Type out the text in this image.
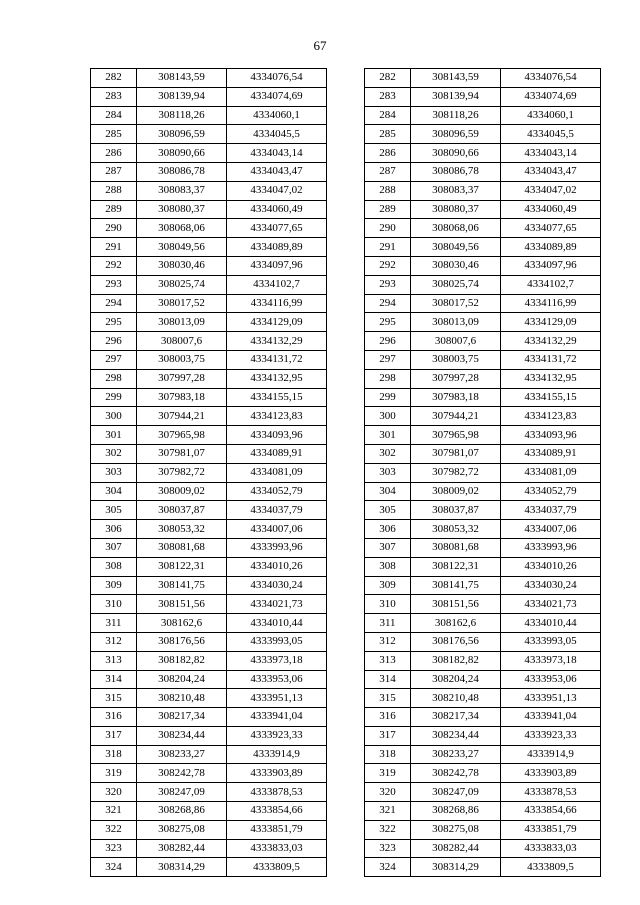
67
282	308143,59	4334076,54
283	308139,94	4334074,69
284	308118,26	4334060,1
285	308096,59	4334045,5
286	308090,66	4334043,14
287	308086,78	4334043,47
288	308083,37	4334047,02
289	308080,37	4334060,49
290	308068,06	4334077,65
291	308049,56	4334089,89
292	308030,46	4334097,96
293	308025,74	4334102,7
294	308017,52	4334116,99
295	308013,09	4334129,09
296	308007,6	4334132,29
297	308003,75	4334131,72
298	307997,28	4334132,95
299	307983,18	4334155,15
300	307944,21	4334123,83
301	307965,98	4334093,96
302	307981,07	4334089,91
303	307982,72	4334081,09
304	308009,02	4334052,79
305	308037,87	4334037,79
306	308053,32	4334007,06
307	308081,68	4333993,96
308	308122,31	4334010,26
309	308141,75	4334030,24
310	308151,56	4334021,73
311	308162,6	4334010,44
312	308176,56	4333993,05
313	308182,82	4333973,18
314	308204,24	4333953,06
315	308210,48	4333951,13
316	308217,34	4333941,04
317	308234,44	4333923,33
318	308233,27	4333914,9
319	308242,78	4333903,89
320	308247,09	4333878,53
321	308268,86	4333854,66
322	308275,08	4333851,79
323	308282,44	4333833,03
324	308314,29	4333809,5
282	308143,59	4334076,54
283	308139,94	4334074,69
284	308118,26	4334060,1
285	308096,59	4334045,5
286	308090,66	4334043,14
287	308086,78	4334043,47
288	308083,37	4334047,02
289	308080,37	4334060,49
290	308068,06	4334077,65
291	308049,56	4334089,89
292	308030,46	4334097,96
293	308025,74	4334102,7
294	308017,52	4334116,99
295	308013,09	4334129,09
296	308007,6	4334132,29
297	308003,75	4334131,72
298	307997,28	4334132,95
299	307983,18	4334155,15
300	307944,21	4334123,83
301	307965,98	4334093,96
302	307981,07	4334089,91
303	307982,72	4334081,09
304	308009,02	4334052,79
305	308037,87	4334037,79
306	308053,32	4334007,06
307	308081,68	4333993,96
308	308122,31	4334010,26
309	308141,75	4334030,24
310	308151,56	4334021,73
311	308162,6	4334010,44
312	308176,56	4333993,05
313	308182,82	4333973,18
314	308204,24	4333953,06
315	308210,48	4333951,13
316	308217,34	4333941,04
317	308234,44	4333923,33
318	308233,27	4333914,9
319	308242,78	4333903,89
320	308247,09	4333878,53
321	308268,86	4333854,66
322	308275,08	4333851,79
323	308282,44	4333833,03
324	308314,29	4333809,5
